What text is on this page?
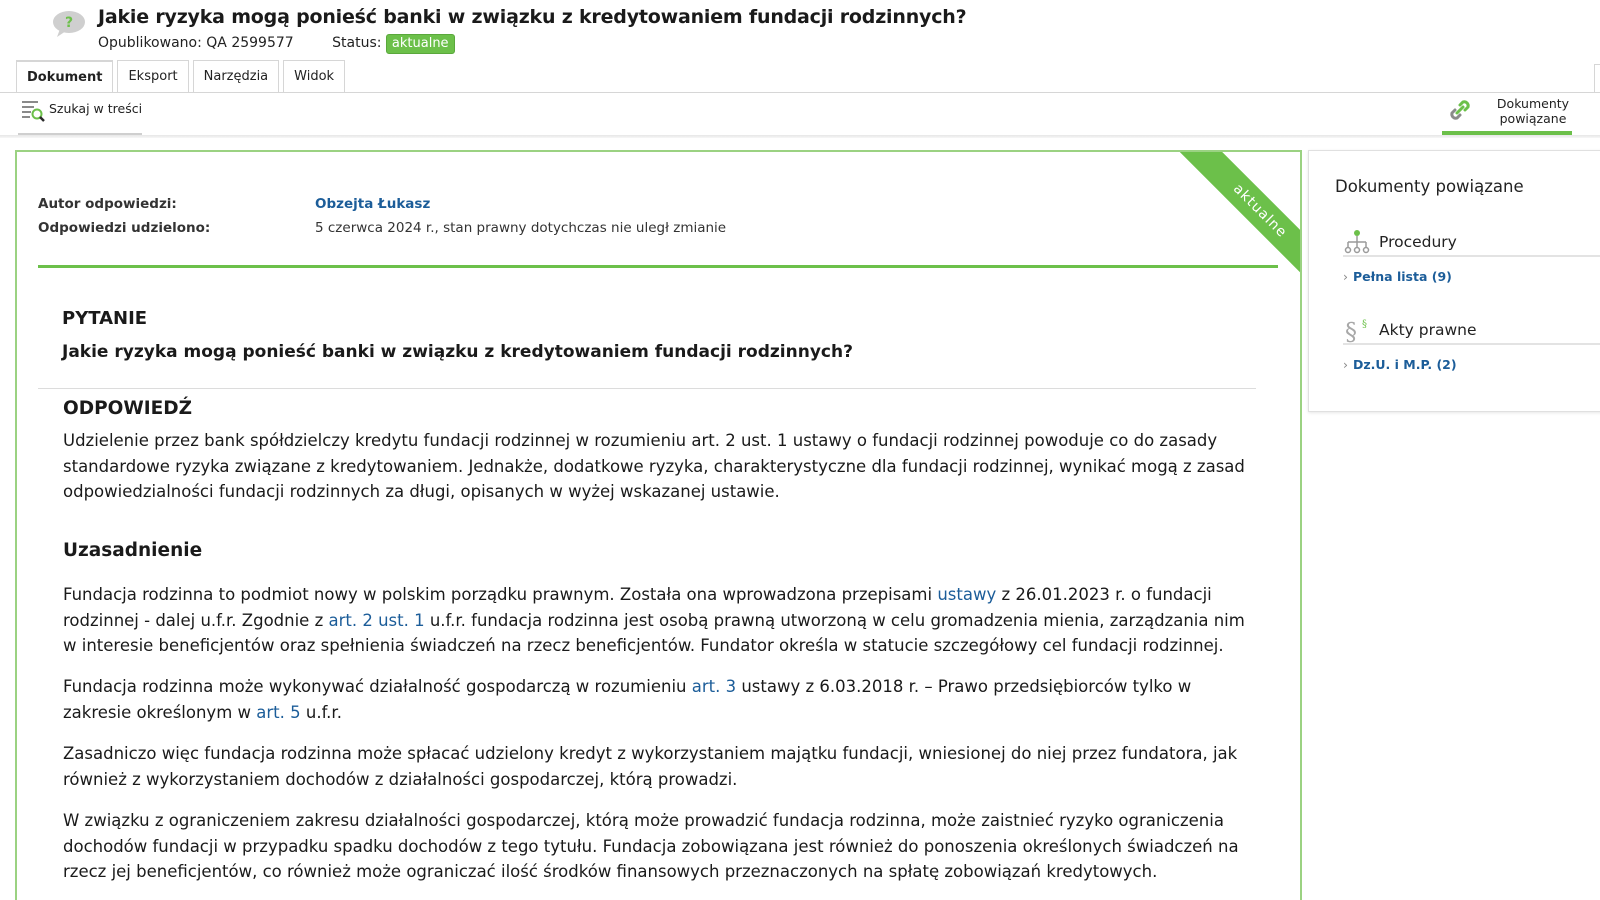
? Jakie ryzyka mogą ponieść banki w związku z kredytowaniem fundacji rodzinnych?
Opublikowano: QA 2599577	Status: aktualne
Dokument	Eksport	Narzędzia	Widok
Szukaj w treści	Dokumenty powiązane
aktualne
Autor odpowiedzi:	Obzejta Łukasz
Odpowiedzi udzielono:	5 czerwca 2024 r., stan prawny dotychczas nie uległ zmianie
PYTANIE
Jakie ryzyka mogą ponieść banki w związku z kredytowaniem fundacji rodzinnych?
ODPOWIEDŹ
Udzielenie przez bank spółdzielczy kredytu fundacji rodzinnej w rozumieniu art. 2 ust. 1 ustawy o fundacji rodzinnej powoduje co do zasady standardowe ryzyka związane z kredytowaniem. Jednakże, dodatkowe ryzyka, charakterystyczne dla fundacji rodzinnej, wynikać mogą z zasad odpowiedzialności fundacji rodzinnych za długi, opisanych w wyżej wskazanej ustawie.
Uzasadnienie
Fundacja rodzinna to podmiot nowy w polskim porządku prawnym. Została ona wprowadzona przepisami ustawy z 26.01.2023 r. o fundacji rodzinnej - dalej u.f.r. Zgodnie z art. 2 ust. 1 u.f.r. fundacja rodzinna jest osobą prawną utworzoną w celu gromadzenia mienia, zarządzania nim w interesie beneficjentów oraz spełnienia świadczeń na rzecz beneficjentów. Fundator określa w statucie szczegółowy cel fundacji rodzinnej.
Fundacja rodzinna może wykonywać działalność gospodarczą w rozumieniu art. 3 ustawy z 6.03.2018 r. – Prawo przedsiębiorców tylko w zakresie określonym w art. 5 u.f.r.
Zasadniczo więc fundacja rodzinna może spłacać udzielony kredyt z wykorzystaniem majątku fundacji, wniesionej do niej przez fundatora, jak również z wykorzystaniem dochodów z działalności gospodarczej, którą prowadzi.
W związku z ograniczeniem zakresu działalności gospodarczej, którą może prowadzić fundacja rodzinna, może zaistnieć ryzyko ograniczenia dochodów fundacji w przypadku spadku dochodów z tego tytułu. Fundacja zobowiązana jest również do ponoszenia określonych świadczeń na rzecz jej beneficjentów, co również może ograniczać ilość środków finansowych przeznaczonych na spłatę zobowiązań kredytowych.
Dokumenty powiązane
Procedury
› Pełna lista (9)
§ § Akty prawne
› Dz.U. i M.P. (2)
